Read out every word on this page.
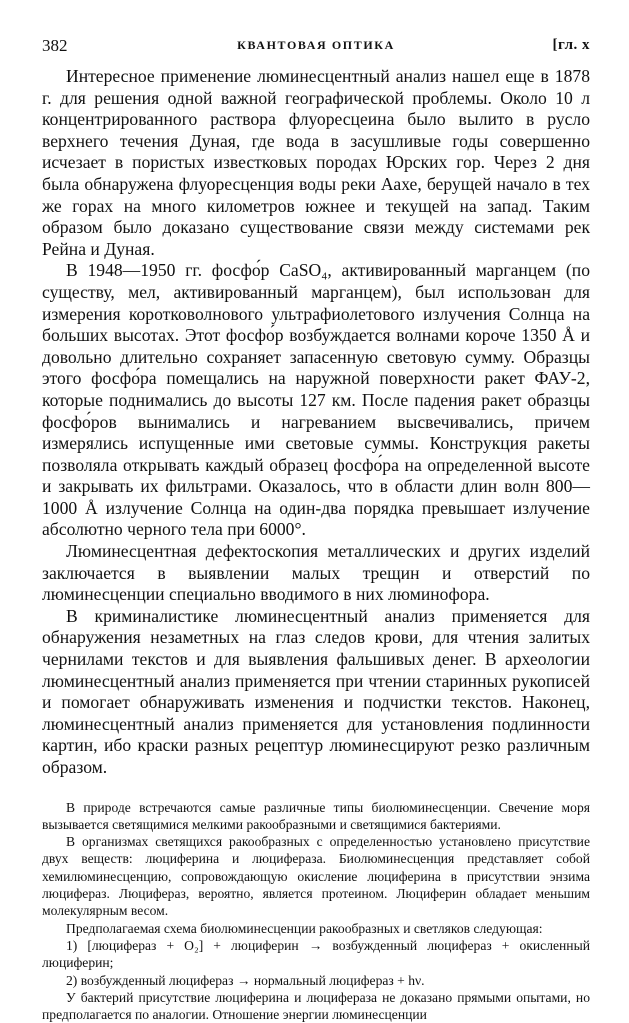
382	КВАНТОВАЯ ОПТИКА	[гл. x

Интересное применение люминесцентный анализ нашел еще в 1878 г. для решения одной важной географической проблемы. Около 10 л концентрированного раствора флуоресцеина было вылито в русло верхнего течения Дуная, где вода в засушливые годы совершенно исчезает в пористых известковых породах Юрских гор. Через 2 дня была обнаружена флуоресценция воды реки Аахе, берущей начало в тех же горах на много километров южнее и текущей на запад. Таким образом было доказано существование связи между системами рек Рейна и Дуная.

В 1948—1950 гг. фосфо́р CaSO₄, активированный марганцем (по существу, мел, активированный марганцем), был использован для измерения коротковолнового ультрафиолетового излучения Солнца на больших высотах. Этот фосфо́р возбуждается волнами короче 1350 Å и довольно длительно сохраняет запасенную световую сумму. Образцы этого фосфо́ра помещались на наружной поверхности ракет ФАУ-2, которые поднимались до высоты 127 км. После падения ракет образцы фосфо́ров вынимались и нагреванием высвечивались, причем измерялись испущенные ими световые суммы. Конструкция ракеты позволяла открывать каждый образец фосфо́ра на определенной высоте и закрывать их фильтрами. Оказалось, что в области длин волн 800—1000 Å излучение Солнца на один-два порядка превышает излучение абсолютно черного тела при 6000°.

Люминесцентная дефектоскопия металлических и других изделий заключается в выявлении малых трещин и отверстий по люминесценции специально вводимого в них люминофора.

В криминалистике люминесцентный анализ применяется для обнаружения незаметных на глаз следов крови, для чтения залитых чернилами текстов и для выявления фальшивых денег. В археологии люминесцентный анализ применяется при чтении старинных рукописей и помогает обнаруживать изменения и подчистки текстов. Наконец, люминесцентный анализ применяется для установления подлинности картин, ибо краски разных рецептур люминесцируют резко различным образом.

В природе встречаются самые различные типы биолюминесценции. Свечение моря вызывается светящимися мелкими ракообразными и светящимися бактериями.

В организмах светящихся ракообразных с определенностью установлено присутствие двух веществ: люциферина и люцифераза. Биолюминесценция представляет собой хемилюминесценцию, сопровождающую окисление люциферина в присутствии энзима люцифераз. Люцифераз, вероятно, является протеином. Люциферин обладает меньшим молекулярным весом.

Предполагаемая схема биолюминесценции ракообразных и светляков следующая:

1) [люцифераз + O₂] + люциферин → возбужденный люцифераз + окисленный люциферин;

2) возбужденный люцифераз → нормальный люцифераз + hν.

У бактерий присутствие люциферина и люцифераза не доказано прямыми опытами, но предполагается по аналогии. Отношение энергии люминесценции
